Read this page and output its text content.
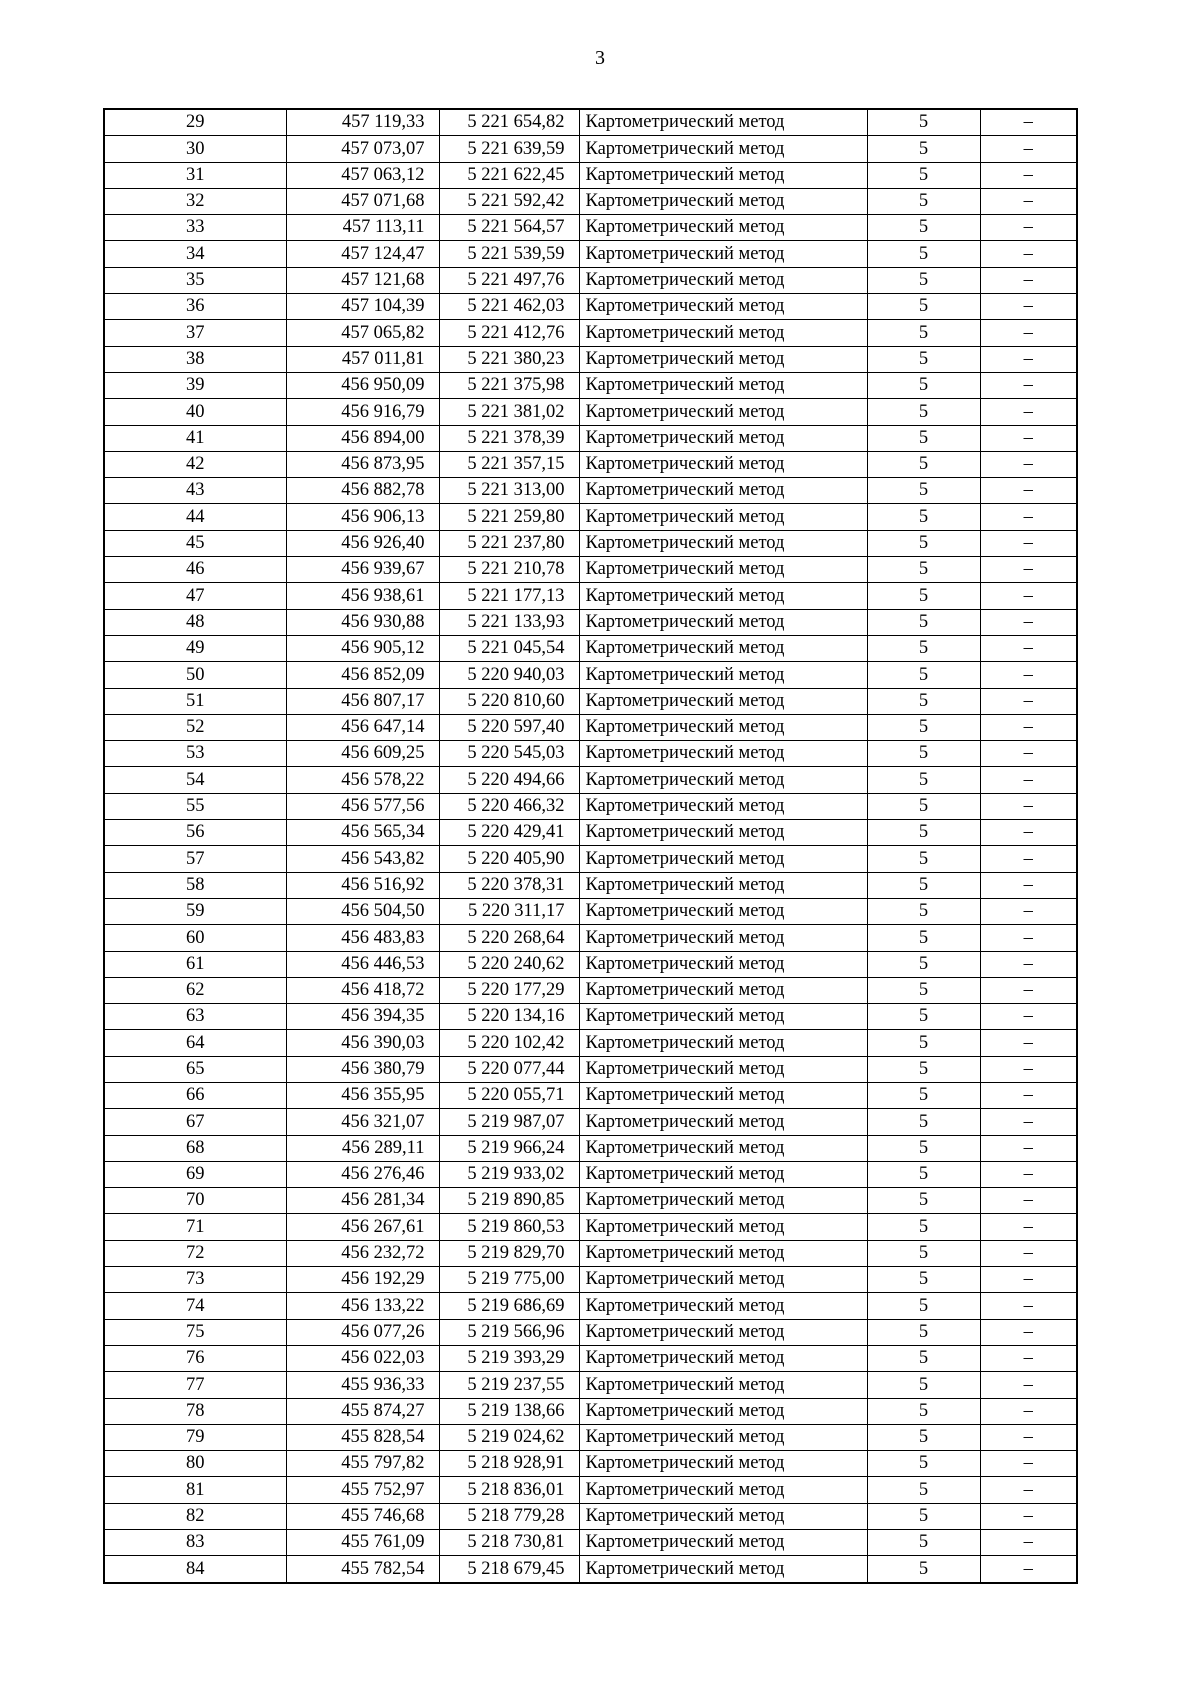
3
29	457 119,33	5 221 654,82	Картометрический метод	5	–
30	457 073,07	5 221 639,59	Картометрический метод	5	–
31	457 063,12	5 221 622,45	Картометрический метод	5	–
32	457 071,68	5 221 592,42	Картометрический метод	5	–
33	457 113,11	5 221 564,57	Картометрический метод	5	–
34	457 124,47	5 221 539,59	Картометрический метод	5	–
35	457 121,68	5 221 497,76	Картометрический метод	5	–
36	457 104,39	5 221 462,03	Картометрический метод	5	–
37	457 065,82	5 221 412,76	Картометрический метод	5	–
38	457 011,81	5 221 380,23	Картометрический метод	5	–
39	456 950,09	5 221 375,98	Картометрический метод	5	–
40	456 916,79	5 221 381,02	Картометрический метод	5	–
41	456 894,00	5 221 378,39	Картометрический метод	5	–
42	456 873,95	5 221 357,15	Картометрический метод	5	–
43	456 882,78	5 221 313,00	Картометрический метод	5	–
44	456 906,13	5 221 259,80	Картометрический метод	5	–
45	456 926,40	5 221 237,80	Картометрический метод	5	–
46	456 939,67	5 221 210,78	Картометрический метод	5	–
47	456 938,61	5 221 177,13	Картометрический метод	5	–
48	456 930,88	5 221 133,93	Картометрический метод	5	–
49	456 905,12	5 221 045,54	Картометрический метод	5	–
50	456 852,09	5 220 940,03	Картометрический метод	5	–
51	456 807,17	5 220 810,60	Картометрический метод	5	–
52	456 647,14	5 220 597,40	Картометрический метод	5	–
53	456 609,25	5 220 545,03	Картометрический метод	5	–
54	456 578,22	5 220 494,66	Картометрический метод	5	–
55	456 577,56	5 220 466,32	Картометрический метод	5	–
56	456 565,34	5 220 429,41	Картометрический метод	5	–
57	456 543,82	5 220 405,90	Картометрический метод	5	–
58	456 516,92	5 220 378,31	Картометрический метод	5	–
59	456 504,50	5 220 311,17	Картометрический метод	5	–
60	456 483,83	5 220 268,64	Картометрический метод	5	–
61	456 446,53	5 220 240,62	Картометрический метод	5	–
62	456 418,72	5 220 177,29	Картометрический метод	5	–
63	456 394,35	5 220 134,16	Картометрический метод	5	–
64	456 390,03	5 220 102,42	Картометрический метод	5	–
65	456 380,79	5 220 077,44	Картометрический метод	5	–
66	456 355,95	5 220 055,71	Картометрический метод	5	–
67	456 321,07	5 219 987,07	Картометрический метод	5	–
68	456 289,11	5 219 966,24	Картометрический метод	5	–
69	456 276,46	5 219 933,02	Картометрический метод	5	–
70	456 281,34	5 219 890,85	Картометрический метод	5	–
71	456 267,61	5 219 860,53	Картометрический метод	5	–
72	456 232,72	5 219 829,70	Картометрический метод	5	–
73	456 192,29	5 219 775,00	Картометрический метод	5	–
74	456 133,22	5 219 686,69	Картометрический метод	5	–
75	456 077,26	5 219 566,96	Картометрический метод	5	–
76	456 022,03	5 219 393,29	Картометрический метод	5	–
77	455 936,33	5 219 237,55	Картометрический метод	5	–
78	455 874,27	5 219 138,66	Картометрический метод	5	–
79	455 828,54	5 219 024,62	Картометрический метод	5	–
80	455 797,82	5 218 928,91	Картометрический метод	5	–
81	455 752,97	5 218 836,01	Картометрический метод	5	–
82	455 746,68	5 218 779,28	Картометрический метод	5	–
83	455 761,09	5 218 730,81	Картометрический метод	5	–
84	455 782,54	5 218 679,45	Картометрический метод	5	–
